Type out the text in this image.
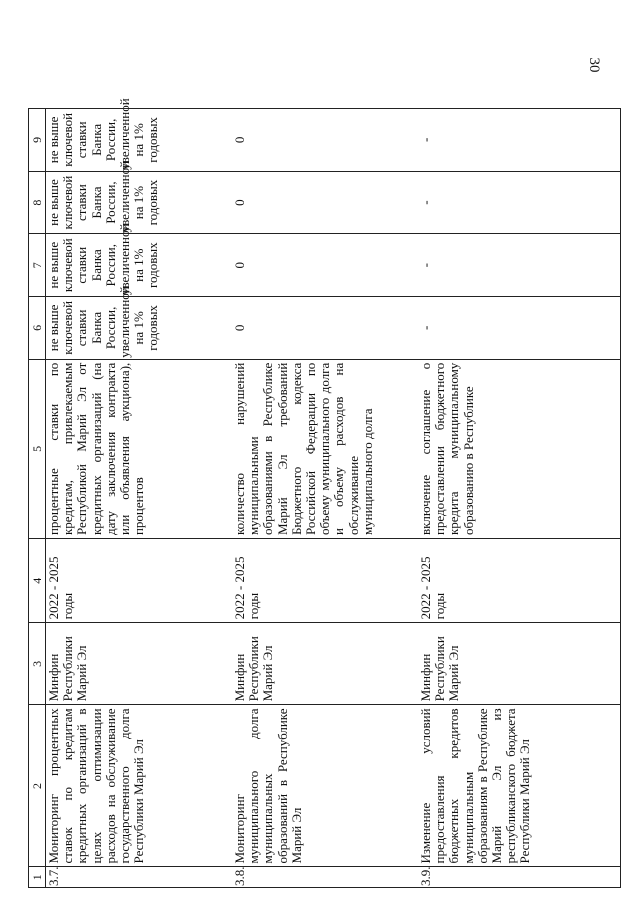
30
1	2	3	4	5	6	7	8	9
3.7.	Мониторинг процентных ставок по кредитам кредитных организаций в целях оптимизации расходов на обслуживание государственного долга Республики Марий Эл	Минфин Республики Марий Эл	2022 - 2025 годы	процентные ставки по кредитам, привлекаемым Республикой Марий Эл от кредитных организаций (на дату заключения контракта или объявления аукциона), процентов	не выше ключевой ставки Банка России, увеличенной на 1% годовых	не выше ключевой ставки Банка России, увеличенной на 1% годовых	не выше ключевой ставки Банка России, увеличенной на 1% годовых	не выше ключевой ставки Банка России, увеличенной на 1% годовых
3.8.	Мониторинг муниципального долга муниципальных образований в Республике Марий Эл	Минфин Республики Марий Эл	2022 - 2025 годы	количество нарушений муниципальными образованиями в Республике Марий Эл требований Бюджетного кодекса Российской Федерации по объему муниципального долга и объему расходов на обслуживание муниципального долга	0	0	0	0
3.9.	Изменение условий предоставления бюджетных кредитов муниципальным образованиям в Республике Марий Эл из республиканского бюджета Республики Марий Эл	Минфин Республики Марий Эл	2022 - 2025 годы	включение соглашение о предоставлении бюджетного кредита муниципальному образованию в Республике	-	-	-	-
